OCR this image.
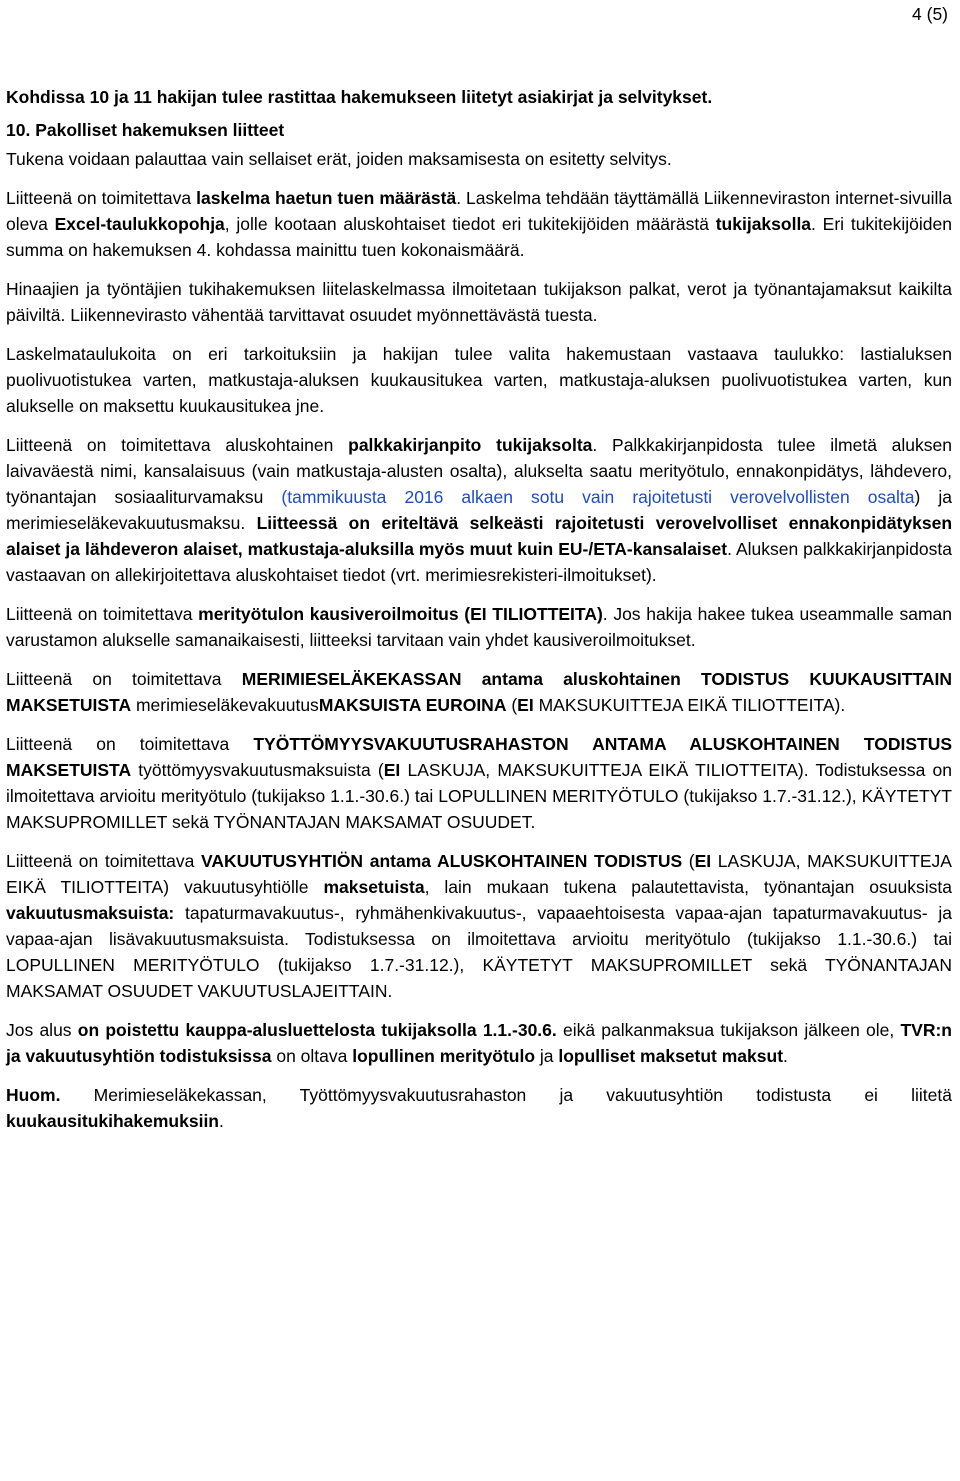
4 (5)

Kohdissa 10 ja 11 hakijan tulee rastittaa hakemukseen liitetyt asiakirjat ja selvitykset.

10. Pakolliset hakemuksen liitteet

Tukena voidaan palauttaa vain sellaiset erät, joiden maksamisesta on esitetty selvitys.

Liitteenä on toimitettava laskelma haetun tuen määrästä. Laskelma tehdään täyttämällä Liikenneviraston internet-sivuilla oleva Excel-taulukkopohja, jolle kootaan aluskohtaiset tiedot eri tukitekijöiden määrästä tukijaksolla. Eri tukitekijöiden summa on hakemuksen 4. kohdassa mainittu tuen kokonaismäärä.

Hinaajien ja työntäjien tukihakemuksen liitelaskelmassa ilmoitetaan tukijakson palkat, verot ja työnantajamaksut kaikilta päiviltä. Liikennevirasto vähentää tarvittavat osuudet myönnettävästä tuesta.

Laskelmataulukoita on eri tarkoituksiin ja hakijan tulee valita hakemustaan vastaava taulukko: lastialuksen puolivuotistukea varten, matkustaja-aluksen kuukausitukea varten, matkustaja-aluksen puolivuotistukea varten, kun alukselle on maksettu kuukausitukea jne.

Liitteenä on toimitettava aluskohtainen palkkakirjanpito tukijaksolta. Palkkakirjanpidosta tulee ilmetä aluksen laivaväestä nimi, kansalaisuus (vain matkustaja-alusten osalta), alukselta saatu merityötulo, ennakonpidätys, lähdevero, työnantajan sosiaaliturvamaksu (tammikuusta 2016 alkaen sotu vain rajoitetusti verovelvollisten osalta) ja merimieseläkevakuutusmaksu. Liitteessä on eriteltävä selkeästi rajoitetusti verovelvolliset ennakonpidätyksen alaiset ja lähdeveron alaiset, matkustaja-aluksilla myös muut kuin EU-/ETA-kansalaiset. Aluksen palkkakirjanpidosta vastaavan on allekirjoitettava aluskohtaiset tiedot (vrt. merimiesrekisteri-ilmoitukset).

Liitteenä on toimitettava merityötulon kausiveroilmoitus (EI TILIOTTEITA). Jos hakija hakee tukea useammalle saman varustamon alukselle samanaikaisesti, liitteeksi tarvitaan vain yhdet kausiveroilmoitukset.

Liitteenä on toimitettava MERIMIESELÄKEKASSAN antama aluskohtainen TODISTUS KUUKAUSITTAIN MAKSETUISTA merimieseläkevakuutusMAKSUISTA EUROINA (EI MAKSUKUITTEJA EIKÄ TILIOTTEITA).

Liitteenä on toimitettava TYÖTTÖMYYSVAKUUTUSRAHASTON ANTAMA ALUSKOHTAINEN TODISTUS MAKSETUISTA työttömyysvakuutusmaksuista (EI LASKUJA, MAKSUKUITTEJA EIKÄ TILIOTTEITA). Todistuksessa on ilmoitettava arvioitu merityötulo (tukijakso 1.1.-30.6.) tai LOPULLINEN MERITYÖTULO (tukijakso 1.7.-31.12.), KÄYTETYT MAKSUPROMILLET sekä TYÖNANTAJAN MAKSAMAT OSUUDET.

Liitteenä on toimitettava VAKUUTUSYHTIÖN antama ALUSKOHTAINEN TODISTUS (EI LASKUJA, MAKSUKUITTEJA EIKÄ TILIOTTEITA) vakuutusyhtiölle maksetuista, lain mukaan tukena palautettavista, työnantajan osuuksista vakuutusmaksuista: tapaturmavakuutus-, ryhmähenkivakuutus-, vapaaehtoisesta vapaa-ajan tapaturmavakuutus- ja vapaa-ajan lisävakuutusmaksuista. Todistuksessa on ilmoitettava arvioitu merityötulo (tukijakso 1.1.-30.6.) tai LOPULLINEN MERITYÖTULO (tukijakso 1.7.-31.12.), KÄYTETYT MAKSUPROMILLET sekä TYÖNANTAJAN MAKSAMAT OSUUDET VAKUUTUSLAJEITTAIN.

Jos alus on poistettu kauppa-alusluettelosta tukijaksolla 1.1.-30.6. eikä palkanmaksua tukijakson jälkeen ole, TVR:n ja vakuutusyhtiön todistuksissa on oltava lopullinen merityötulo ja lopulliset maksetut maksut.

Huom. Merimieseläkekassan, Työttömyysvakuutusrahaston ja vakuutusyhtiön todistusta ei liitetä kuukausitukihakemuksiin.
